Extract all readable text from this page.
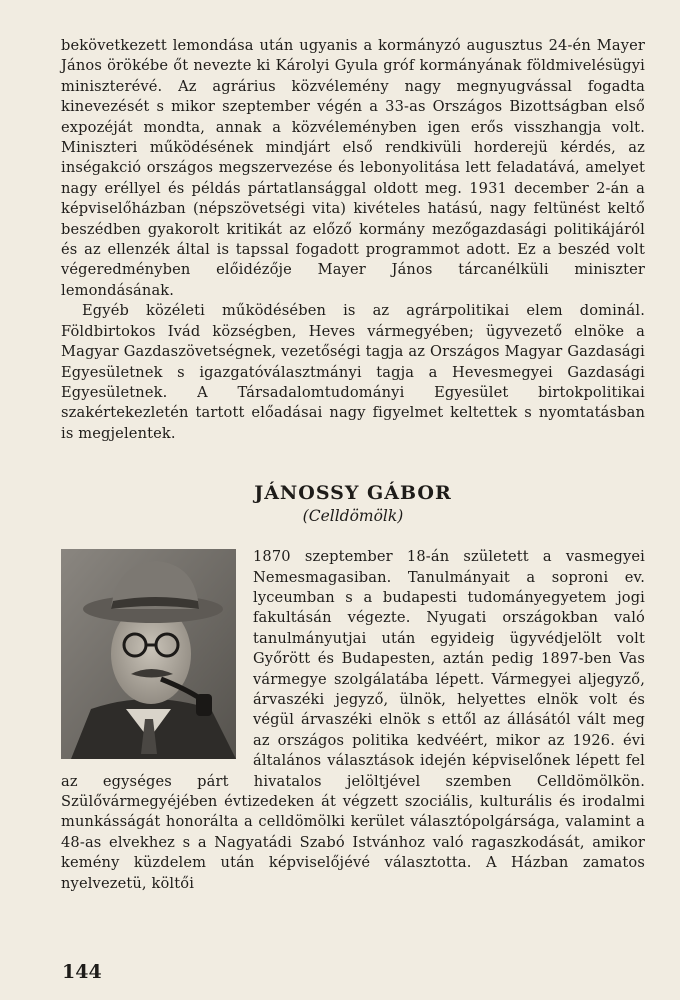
bekövetkezett lemondása után ugyanis a kormányzó augusztus 24-én Mayer János örökébe őt nevezte ki Károlyi Gyula gróf kormányának földmivelésügyi miniszterévé. Az agrárius közvélemény nagy megnyugvással fogadta kinevezését s mikor szeptember végén a 33-as Országos Bizottságban első expozéját mondta, annak a közvéleményben igen erős visszhangja volt. Miniszteri működésének mindjárt első rendkivüli horderejü kérdés, az inségakció országos megszervezése és lebonyolitása lett feladatává, amelyet nagy eréllyel és példás pártatlansággal oldott meg. 1931 december 2-án a képviselőházban (népszövetségi vita) kivételes hatású, nagy feltünést keltő beszédben gyakorolt kritikát az előző kormány mezőgazdasági politikájáról és az ellenzék által is tapssal fogadott programmot adott. Ez a beszéd volt végeredményben előidézője Mayer János tárcanélküli miniszter lemondásának.

Egyéb közéleti működésében is az agrárpolitikai elem dominál. Földbirtokos Ivád községben, Heves vármegyében; ügyvezető elnöke a Magyar Gazdaszövetségnek, vezetőségi tagja az Országos Magyar Gazdasági Egyesületnek s igazgatóválasztmányi tagja a Hevesmegyei Gazdasági Egyesületnek. A Társadalomtudományi Egyesület birtokpolitikai szakértekezletén tartott előadásai nagy figyelmet keltettek s nyomtatásban is megjelentek.

JÁNOSSY GÁBOR
(Celldömölk)

1870 szeptember 18-án született a vasmegyei Nemesmagasiban. Tanulmányait a soproni ev. lyceumban s a budapesti tudományegyetem jogi fakultásán végezte. Nyugati országokban való tanulmányutjai után egyideig ügyvédjelölt volt Győrött és Budapesten, aztán pedig 1897-ben Vas vármegye szolgálatába lépett. Vármegyei aljegyző, árvaszéki jegyző, ülnök, helyettes elnök volt és végül árvaszéki elnök s ettől az állásától vált meg az országos politika kedvéért, mikor az 1926. évi általános választások idején képviselőnek lépett fel az egységes párt hivatalos jelöltjével szemben Celldömölkön. Szülővármegyéjében évtizedeken át végzett szociális, kulturális és irodalmi munkásságát honorálta a celldömölki kerület választópolgársága, valamint a 48-as elvekhez s a Nagyatádi Szabó Istvánhoz való ragaszkodását, amikor kemény küzdelem után képviselőjévé választotta. A Házban zamatos nyelvezetü, költői

144
